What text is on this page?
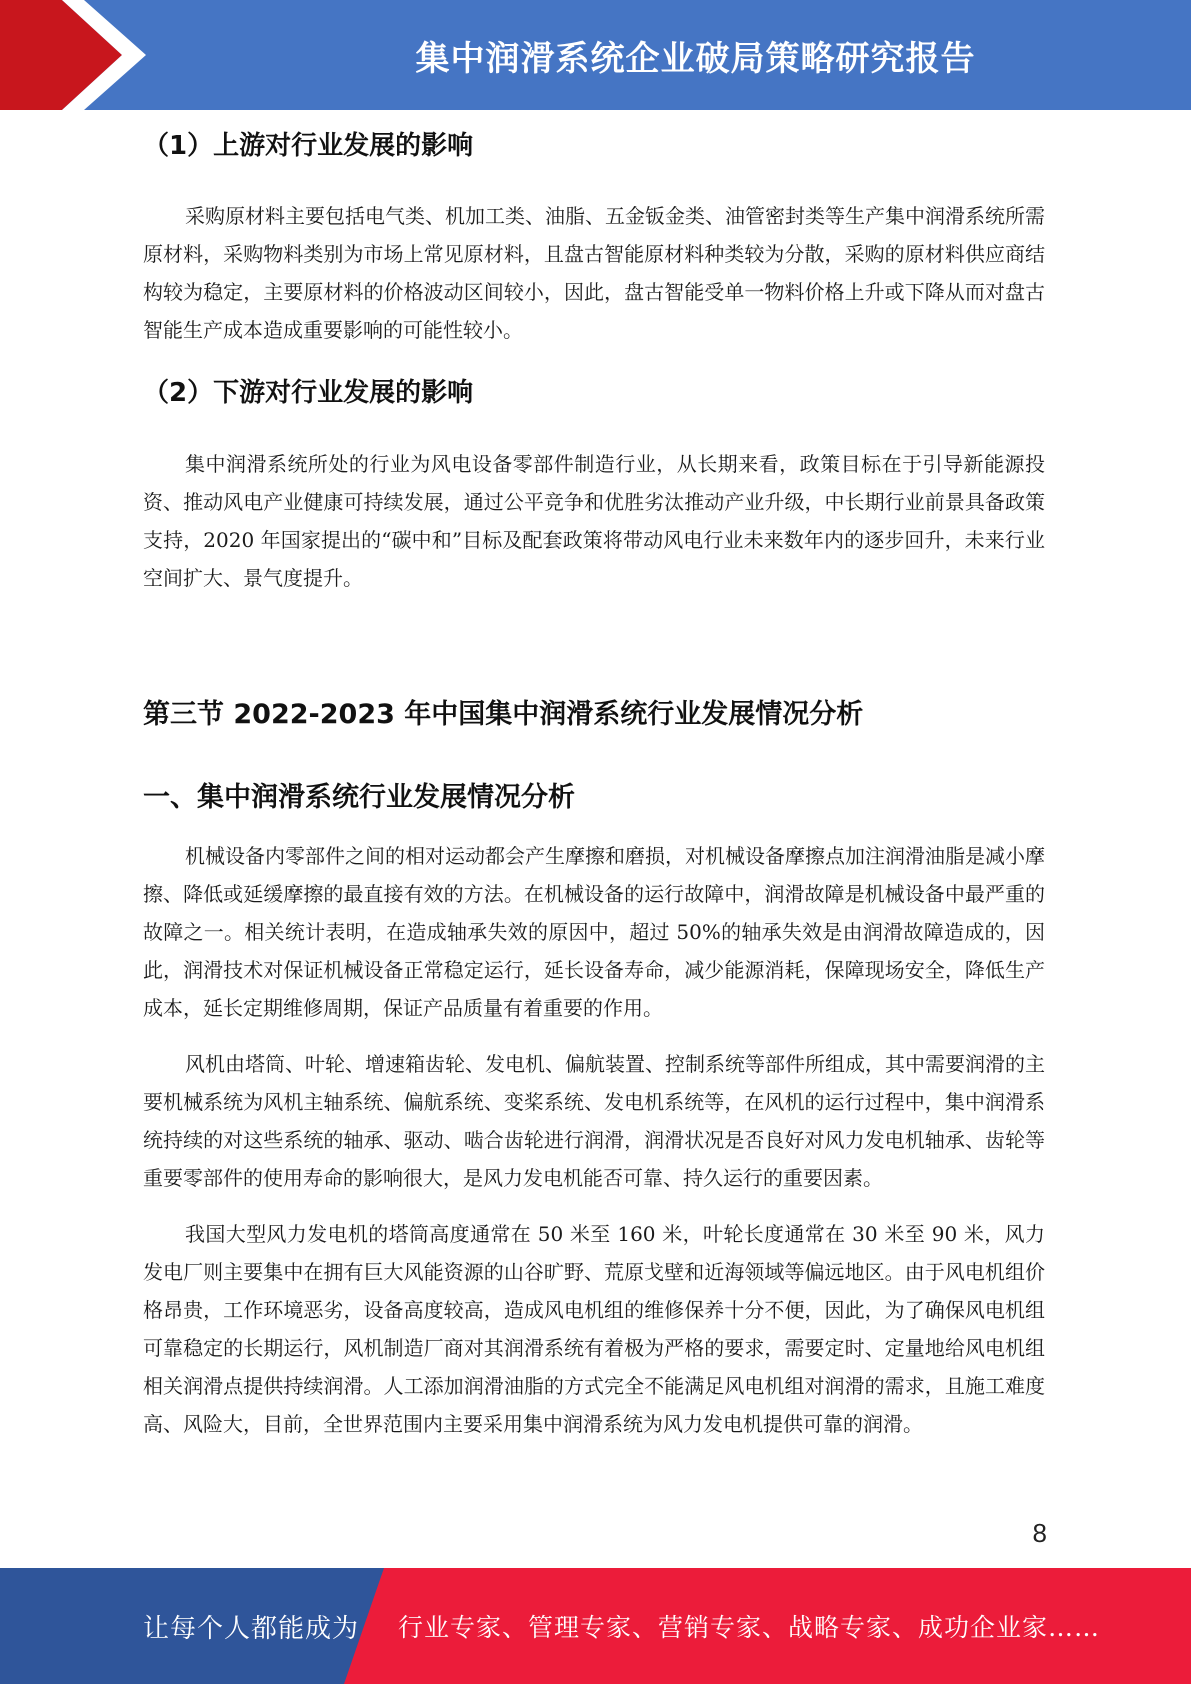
集中润滑系统企业破局策略研究报告
（1）上游对行业发展的影响

采购原材料主要包括电气类、机加工类、油脂、五金钣金类、油管密封类等生产集中润滑系统所需原材料，采购物料类别为市场上常见原材料，且盘古智能原材料种类较为分散，采购的原材料供应商结构较为稳定，主要原材料的价格波动区间较小，因此，盘古智能受单一物料价格上升或下降从而对盘古智能生产成本造成重要影响的可能性较小。

（2）下游对行业发展的影响

集中润滑系统所处的行业为风电设备零部件制造行业，从长期来看，政策目标在于引导新能源投资、推动风电产业健康可持续发展，通过公平竞争和优胜劣汰推动产业升级，中长期行业前景具备政策支持，2020 年国家提出的“碳中和”目标及配套政策将带动风电行业未来数年内的逐步回升，未来行业空间扩大、景气度提升。

第三节 2022-2023 年中国集中润滑系统行业发展情况分析
一、集中润滑系统行业发展情况分析

机械设备内零部件之间的相对运动都会产生摩擦和磨损，对机械设备摩擦点加注润滑油脂是减小摩擦、降低或延缓摩擦的最直接有效的方法。在机械设备的运行故障中，润滑故障是机械设备中最严重的故障之一。相关统计表明，在造成轴承失效的原因中，超过 50%的轴承失效是由润滑故障造成的，因此，润滑技术对保证机械设备正常稳定运行，延长设备寿命，减少能源消耗，保障现场安全，降低生产成本，延长定期维修周期，保证产品质量有着重要的作用。

风机由塔筒、叶轮、增速箱齿轮、发电机、偏航装置、控制系统等部件所组成，其中需要润滑的主要机械系统为风机主轴系统、偏航系统、变桨系统、发电机系统等，在风机的运行过程中，集中润滑系统持续的对这些系统的轴承、驱动、啮合齿轮进行润滑，润滑状况是否良好对风力发电机轴承、齿轮等重要零部件的使用寿命的影响很大，是风力发电机能否可靠、持久运行的重要因素。

我国大型风力发电机的塔筒高度通常在 50 米至 160 米，叶轮长度通常在 30 米至 90 米，风力发电厂则主要集中在拥有巨大风能资源的山谷旷野、荒原戈壁和近海领域等偏远地区。由于风电机组价格昂贵，工作环境恶劣，设备高度较高，造成风电机组的维修保养十分不便，因此，为了确保风电机组可靠稳定的长期运行，风机制造厂商对其润滑系统有着极为严格的要求，需要定时、定量地给风电机组相关润滑点提供持续润滑。人工添加润滑油脂的方式完全不能满足风电机组对润滑的需求，且施工难度高、风险大，目前，全世界范围内主要采用集中润滑系统为风力发电机提供可靠的润滑。

8
让每个人都能成为 行业专家、管理专家、营销专家、战略专家、成功企业家……
